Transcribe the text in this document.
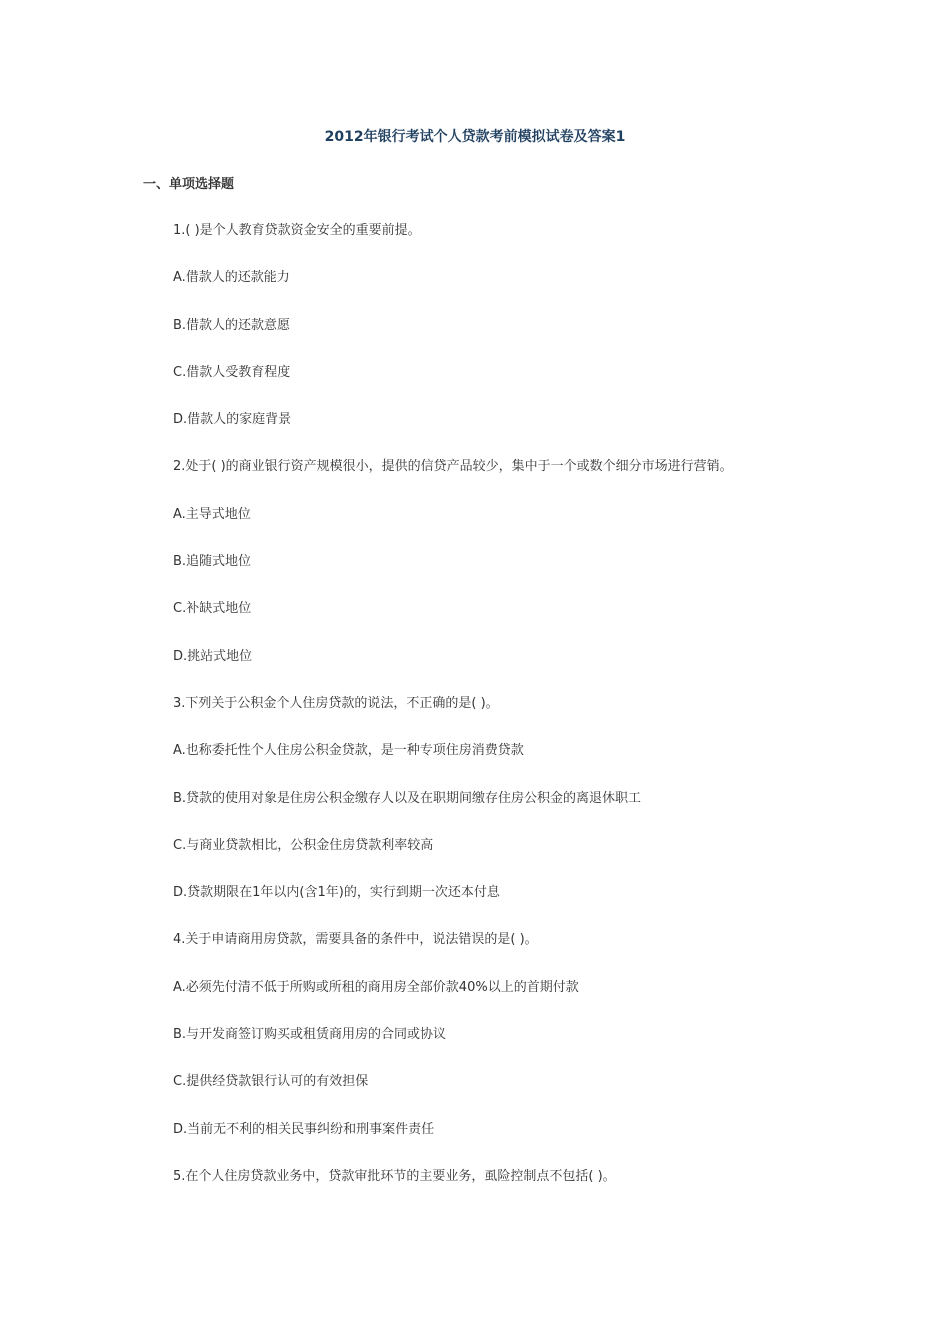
2012年银行考试个人贷款考前模拟试卷及答案1
一、单项选择题
1.( )是个人教育贷款资金安全的重要前提。
A.借款人的还款能力
B.借款人的还款意愿
C.借款人受教育程度
D.借款人的家庭背景
2.处于( )的商业银行资产规模很小，提供的信贷产品较少，集中于一个或数个细分市场进行营销。
A.主导式地位
B.追随式地位
C.补缺式地位
D.挑站式地位
3.下列关于公积金个人住房贷款的说法，不正确的是( )。
A.也称委托性个人住房公积金贷款，是一种专项住房消费贷款
B.贷款的使用对象是住房公积金缴存人以及在职期间缴存住房公积金的离退休职工
C.与商业贷款相比，公积金住房贷款利率较高
D.贷款期限在1年以内(含1年)的，实行到期一次还本付息
4.关于申请商用房贷款，需要具备的条件中，说法错误的是( )。
A.必须先付清不低于所购或所租的商用房全部价款40%以上的首期付款
B.与开发商签订购买或租赁商用房的合同或协议
C.提供经贷款银行认可的有效担保
D.当前无不利的相关民事纠纷和刑事案件责任
5.在个人住房贷款业务中，贷款审批环节的主要业务，虱险控制点不包括( )。
